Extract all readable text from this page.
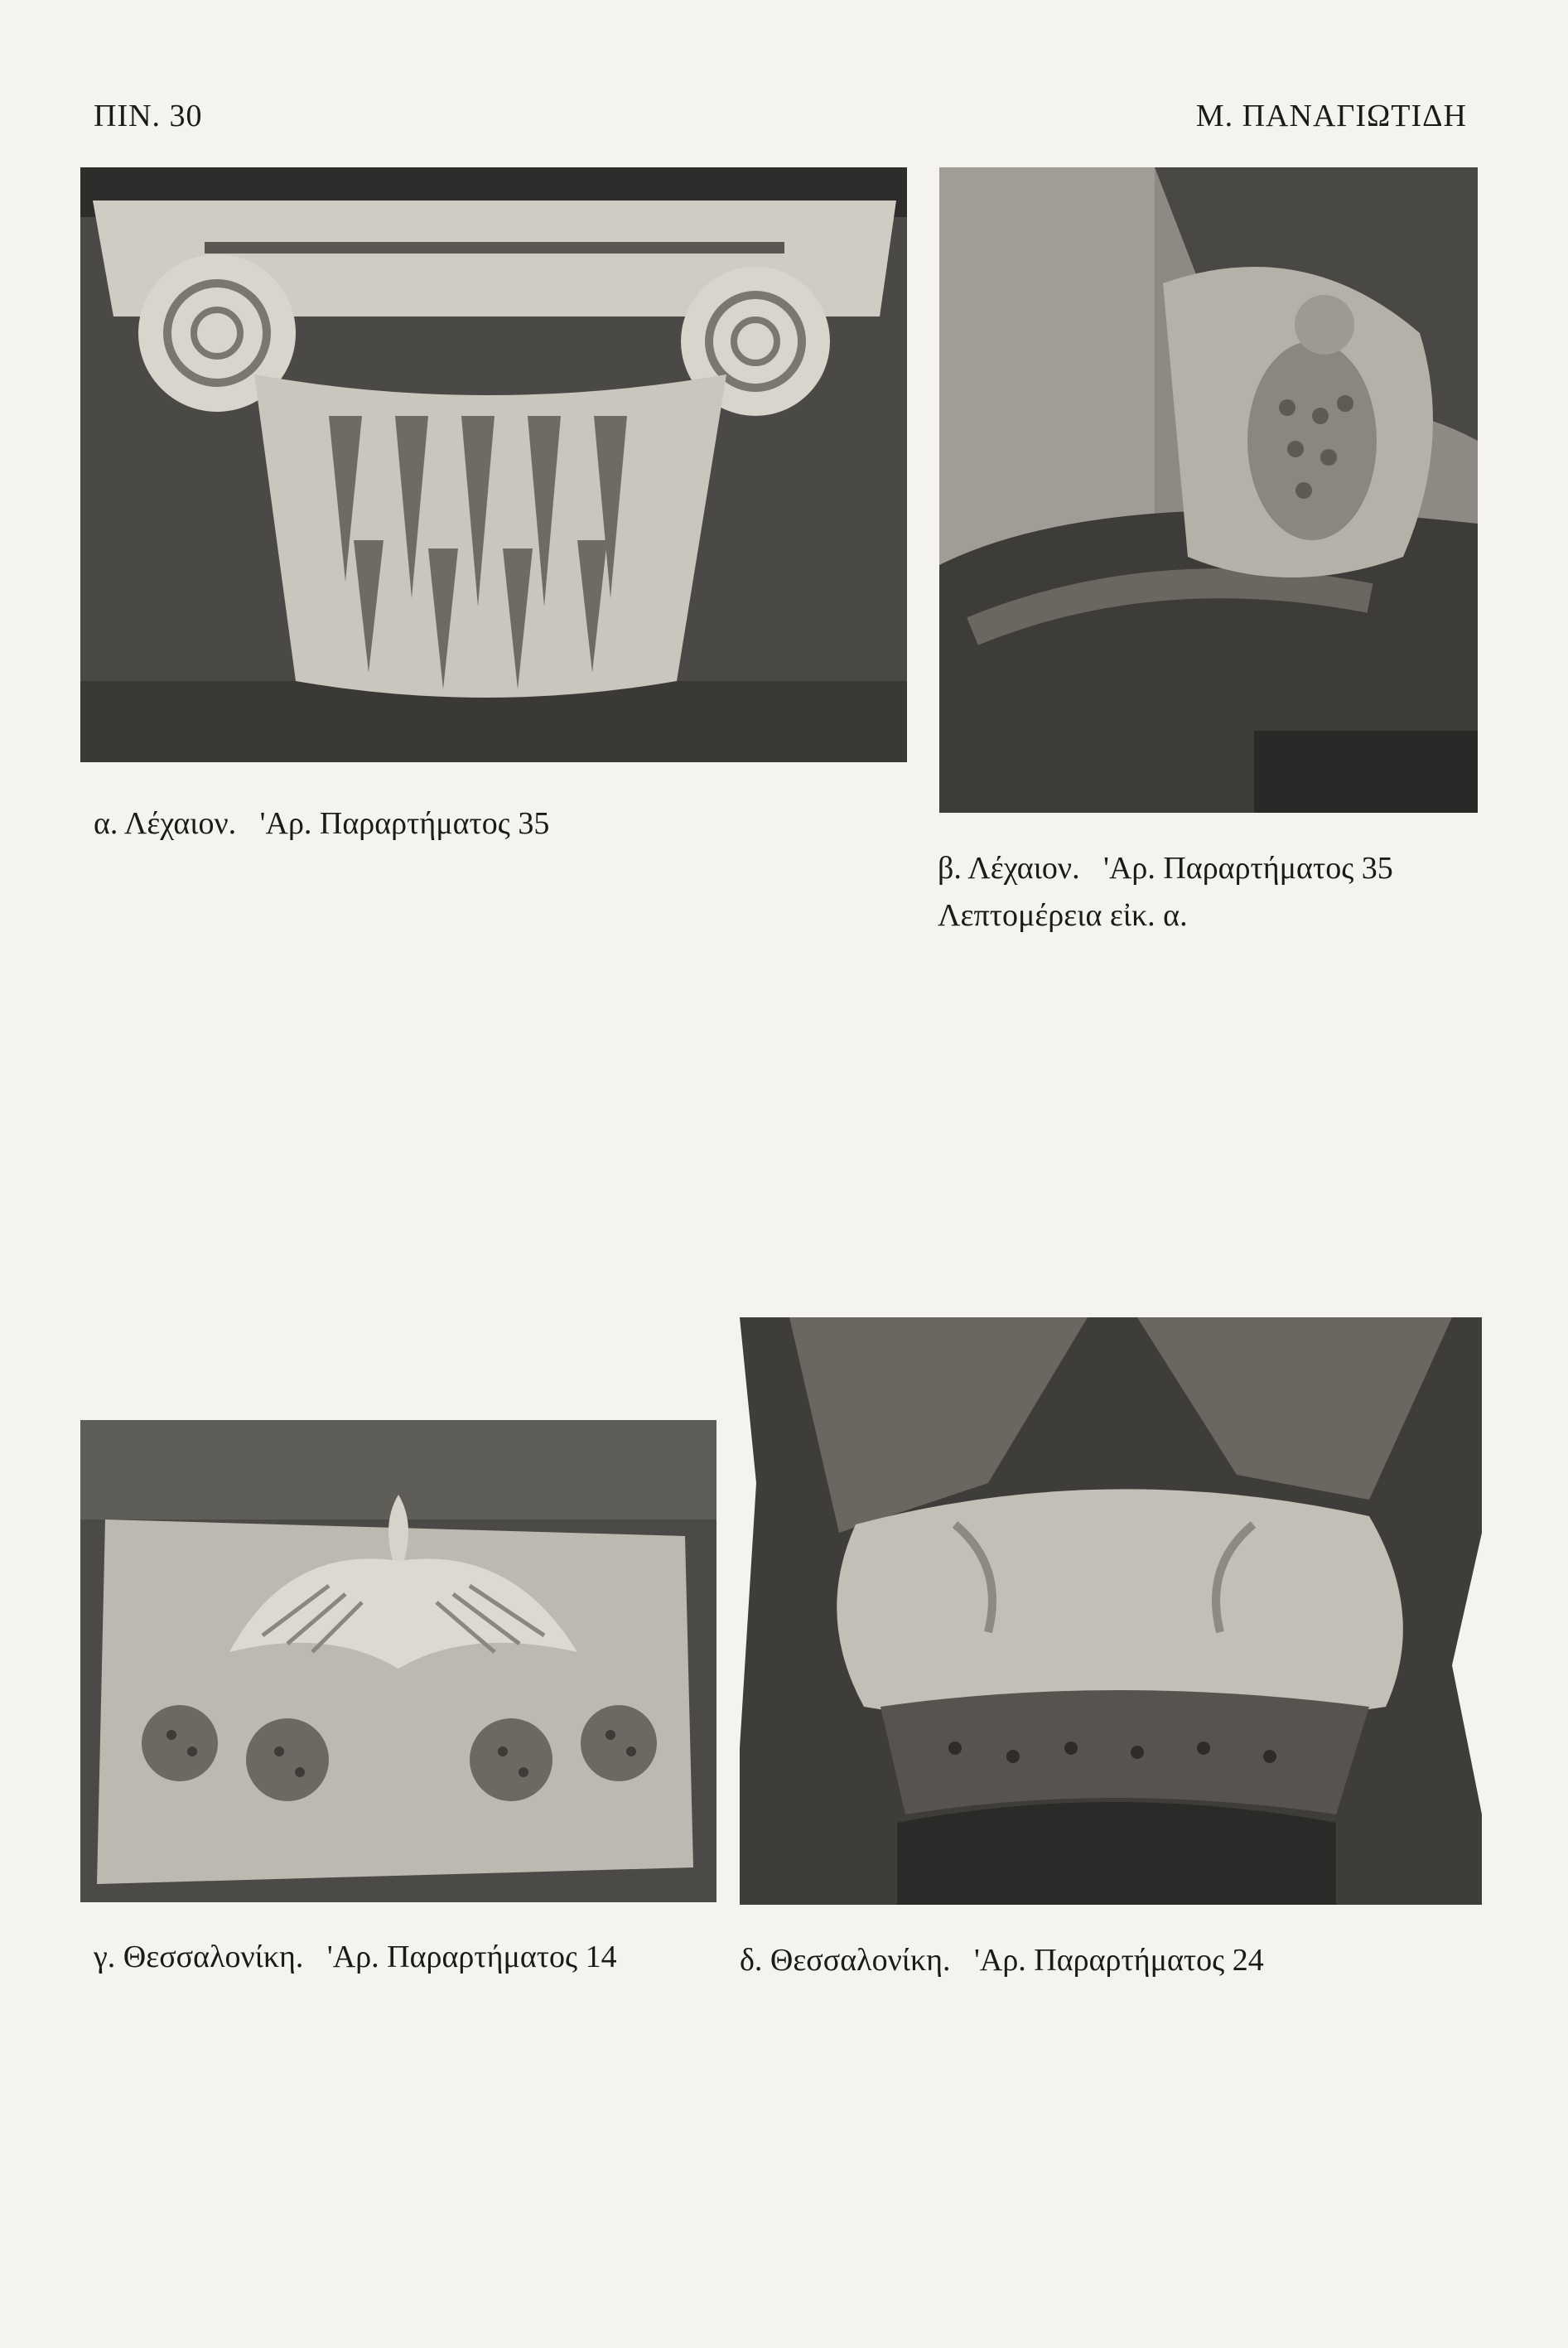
ΠΙΝ. 30	Μ. ΠΑΝΑΓΙΩΤΙΔΗ
α. Λέχαιον.   'Αρ. Παραρτήματος 35
β. Λέχαιον.   'Αρ. Παραρτήματος 35
Λεπτομέρεια εἰκ. α.
γ. Θεσσαλονίκη.   'Αρ. Παραρτήματος 14	δ. Θεσσαλονίκη.   'Αρ. Παραρτήματος 24
